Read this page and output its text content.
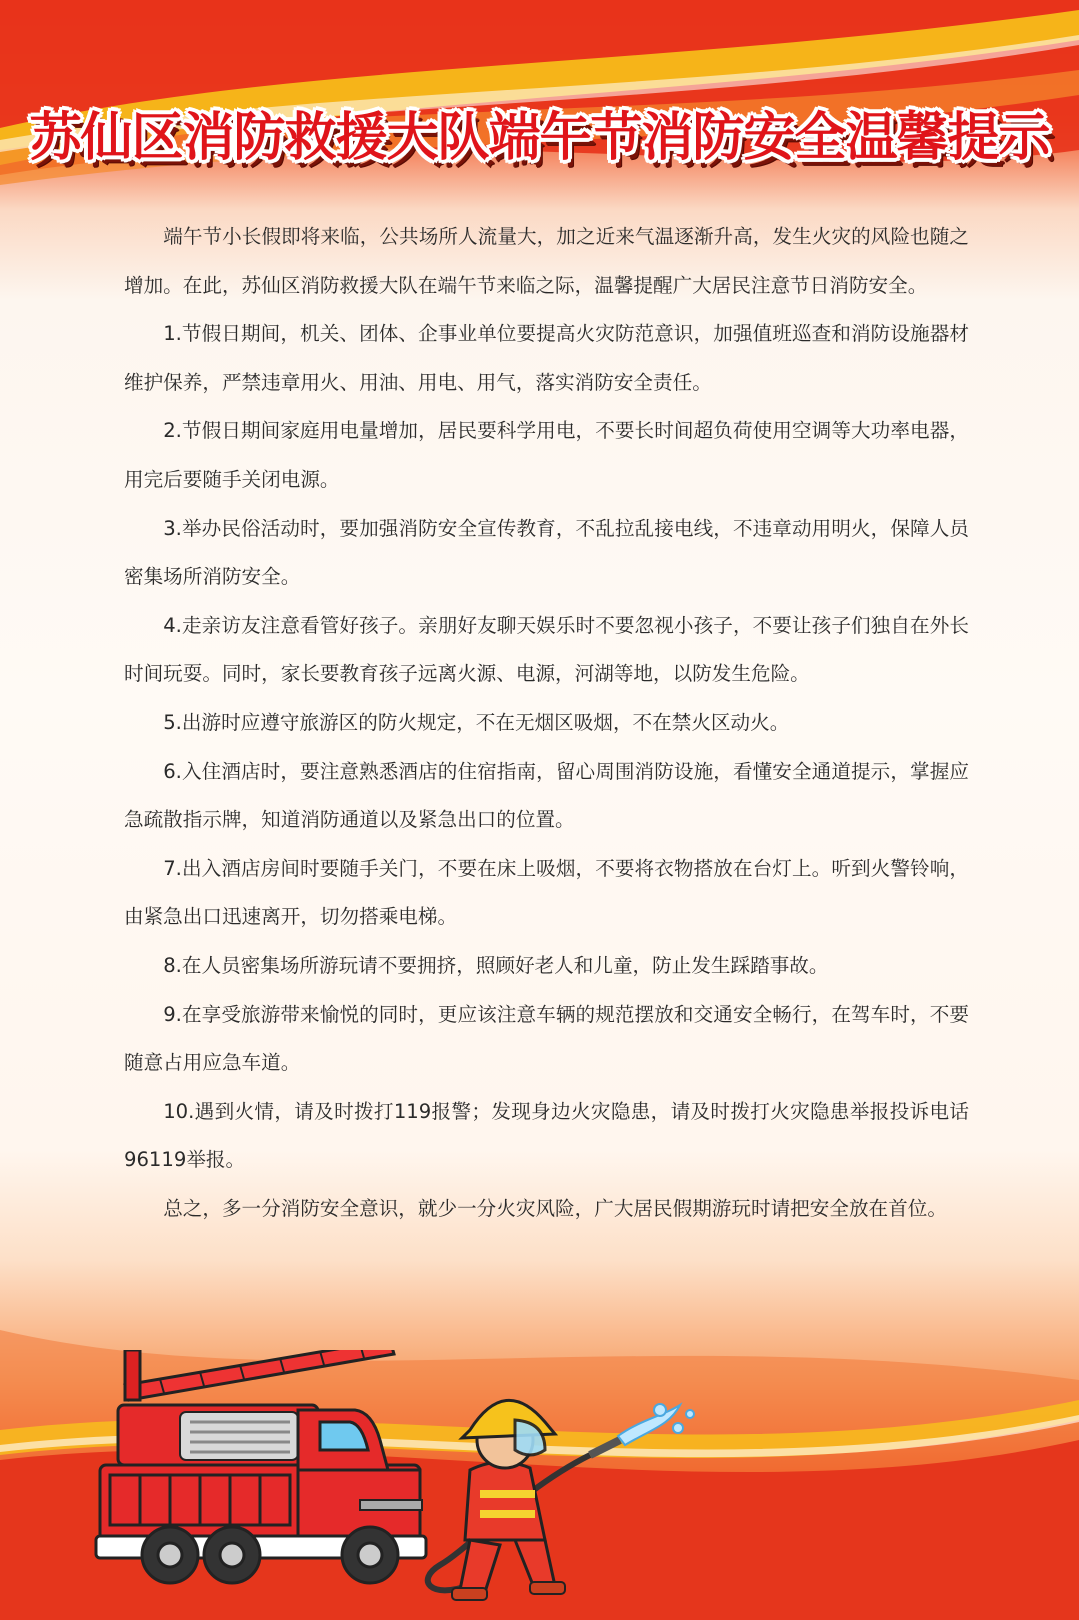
苏仙区消防救援大队端午节消防安全温馨提示

端午节小长假即将来临，公共场所人流量大，加之近来气温逐渐升高，发生火灾的风险也随之增加。在此，苏仙区消防救援大队在端午节来临之际，温馨提醒广大居民注意节日消防安全。

1.节假日期间，机关、团体、企事业单位要提高火灾防范意识，加强值班巡查和消防设施器材维护保养，严禁违章用火、用油、用电、用气，落实消防安全责任。

2.节假日期间家庭用电量增加，居民要科学用电，不要长时间超负荷使用空调等大功率电器，用完后要随手关闭电源。

3.举办民俗活动时，要加强消防安全宣传教育，不乱拉乱接电线，不违章动用明火，保障人员密集场所消防安全。

4.走亲访友注意看管好孩子。亲朋好友聊天娱乐时不要忽视小孩子，不要让孩子们独自在外长时间玩耍。同时，家长要教育孩子远离火源、电源，河湖等地，以防发生危险。

5.出游时应遵守旅游区的防火规定，不在无烟区吸烟，不在禁火区动火。

6.入住酒店时，要注意熟悉酒店的住宿指南，留心周围消防设施，看懂安全通道提示，掌握应急疏散指示牌，知道消防通道以及紧急出口的位置。

7.出入酒店房间时要随手关门，不要在床上吸烟，不要将衣物搭放在台灯上。听到火警铃响，由紧急出口迅速离开，切勿搭乘电梯。

8.在人员密集场所游玩请不要拥挤，照顾好老人和儿童，防止发生踩踏事故。

9.在享受旅游带来愉悦的同时，更应该注意车辆的规范摆放和交通安全畅行，在驾车时，不要随意占用应急车道。

10.遇到火情，请及时拨打119报警；发现身边火灾隐患，请及时拨打火灾隐患举报投诉电话96119举报。

总之，多一分消防安全意识，就少一分火灾风险，广大居民假期游玩时请把安全放在首位。
